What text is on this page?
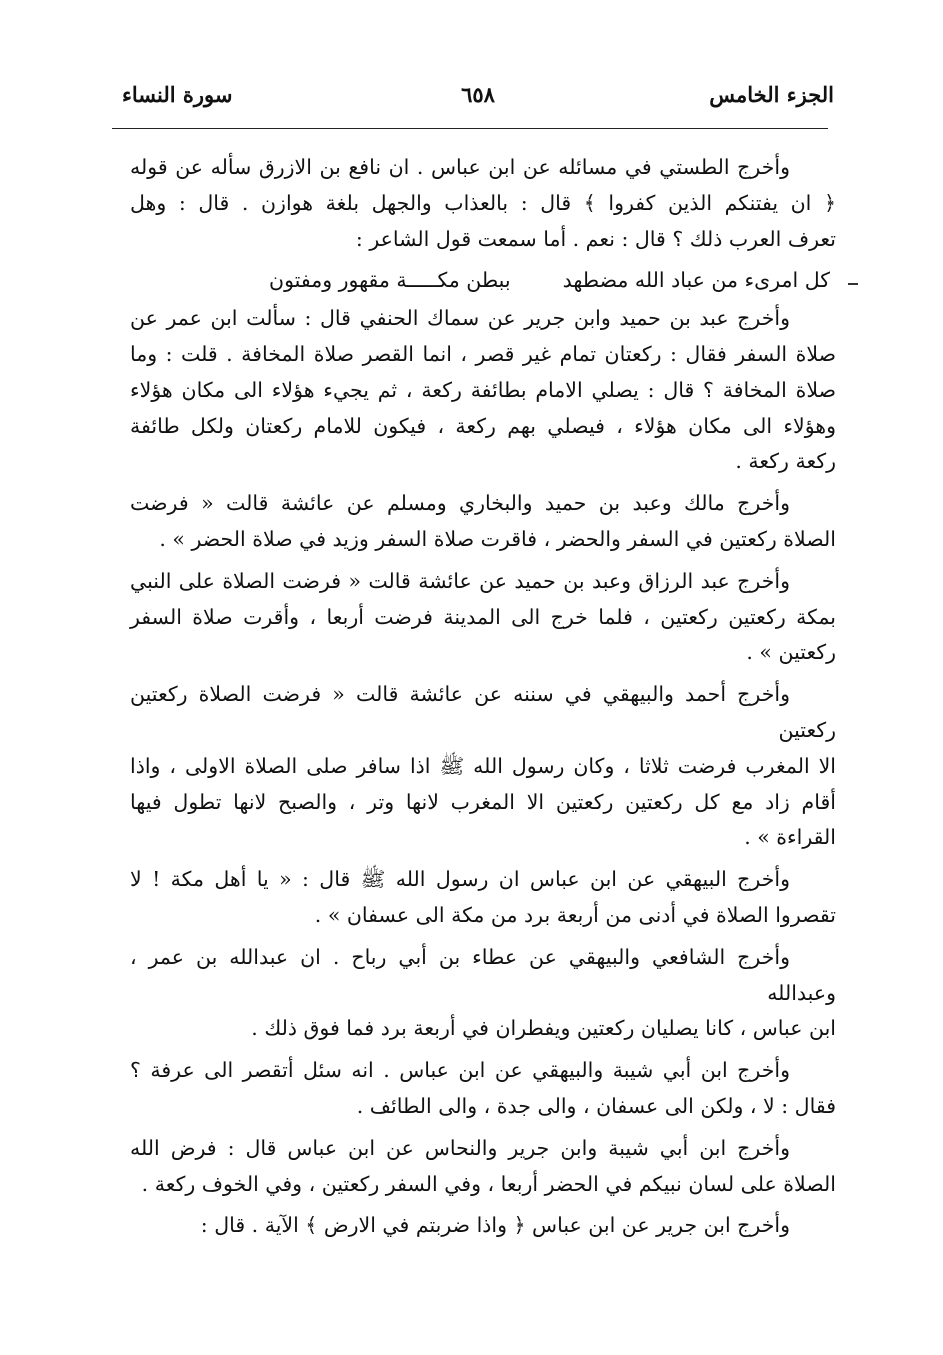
الجزء الخامس
٦٥٨
سورة النساء
وأخرج الطستي في مسائله عن ابن عباس . ان نافع بن الازرق سأله عن قوله
﴿ ان يفتنكم الذين كفروا ﴾ قال : بالعذاب والجهل بلغة هوازن . قال : وهل
تعرف العرب ذلك ؟ قال : نعم . أما سمعت قول الشاعر :
كل امرىء من عباد الله مضطهد
ببطن مكـــــة مقهور ومفتون
وأخرج عبد بن حميد وابن جرير عن سماك الحنفي قال : سألت ابن عمر عن
صلاة السفر فقال : ركعتان تمام غير قصر ، انما القصر صلاة المخافة . قلت : وما
صلاة المخافة ؟ قال : يصلي الامام بطائفة ركعة ، ثم يجيء هؤلاء الى مكان هؤلاء
وهؤلاء الى مكان هؤلاء ، فيصلي بهم ركعة ، فيكون للامام ركعتان ولكل طائفة
ركعة ركعة .
وأخرج مالك وعبد بن حميد والبخاري ومسلم عن عائشة قالت « فرضت
الصلاة ركعتين في السفر والحضر ، فاقرت صلاة السفر وزيد في صلاة الحضر » .
وأخرج عبد الرزاق وعبد بن حميد عن عائشة قالت « فرضت الصلاة على النبي
بمكة ركعتين ركعتين ، فلما خرج الى المدينة فرضت أربعا ، وأقرت صلاة السفر
ركعتين » .
وأخرج أحمد والبيهقي في سننه عن عائشة قالت « فرضت الصلاة ركعتين ركعتين
الا المغرب فرضت ثلاثا ، وكان رسول الله ﷺ اذا سافر صلى الصلاة الاولى ، واذا
أقام زاد مع كل ركعتين ركعتين الا المغرب لانها وتر ، والصبح لانها تطول فيها
القراءة » .
وأخرج البيهقي عن ابن عباس ان رسول الله ﷺ قال : « يا أهل مكة ! لا
تقصروا الصلاة في أدنى من أربعة برد من مكة الى عسفان » .
وأخرج الشافعي والبيهقي عن عطاء بن أبي رباح . ان عبدالله بن عمر ، وعبدالله
ابن عباس ، كانا يصليان ركعتين ويفطران في أربعة برد فما فوق ذلك .
وأخرج ابن أبي شيبة والبيهقي عن ابن عباس . انه سئل أتقصر الى عرفة ؟
فقال : لا ، ولكن الى عسفان ، والى جدة ، والى الطائف .
وأخرج ابن أبي شيبة وابن جرير والنحاس عن ابن عباس قال : فرض الله
الصلاة على لسان نبيكم في الحضر أربعا ، وفي السفر ركعتين ، وفي الخوف ركعة .
وأخرج ابن جرير عن ابن عباس ﴿ واذا ضربتم في الارض ﴾ الآية . قال :
